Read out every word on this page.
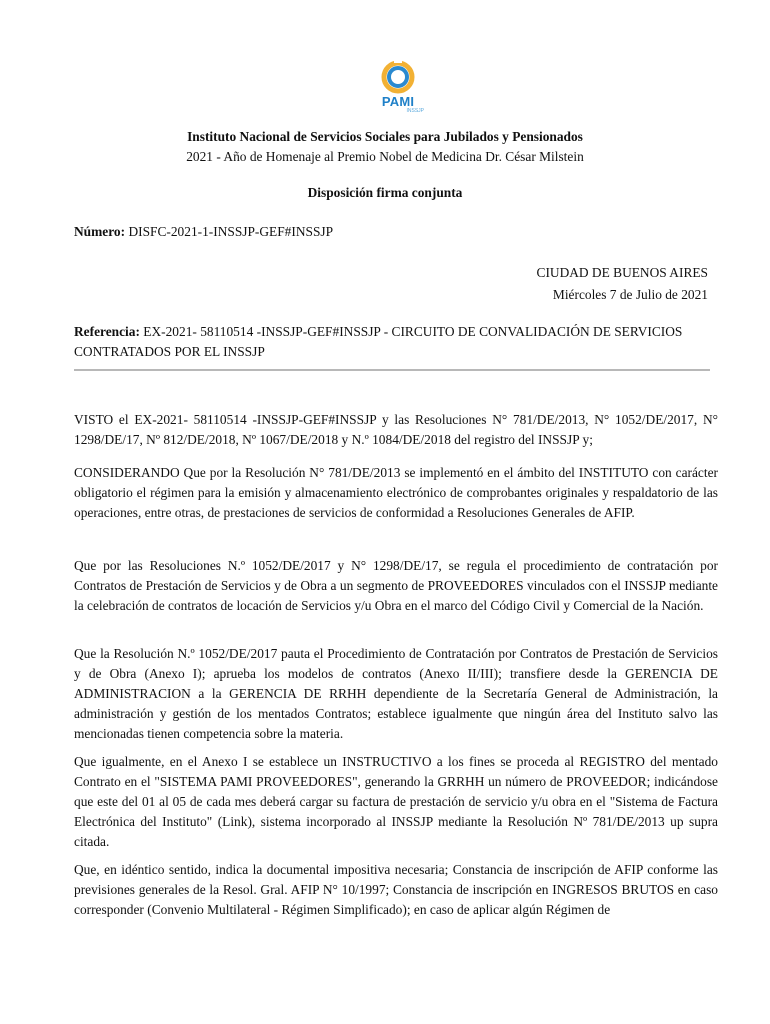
PAMI
INSSJP
Instituto Nacional de Servicios Sociales para Jubilados y Pensionados
2021 - Año de Homenaje al Premio Nobel de Medicina Dr. César Milstein
Disposición firma conjunta
Número: DISFC-2021-1-INSSJP-GEF#INSSJP
CIUDAD DE BUENOS AIRES
Miércoles 7 de Julio de 2021
Referencia: EX-2021- 58110514 -INSSJP-GEF#INSSJP - CIRCUITO DE CONVALIDACIÓN DE SERVICIOS
CONTRATADOS POR EL INSSJP
VISTO el EX-2021- 58110514 -INSSJP-GEF#INSSJP y las Resoluciones N° 781/DE/2013, N° 1052/DE/2017, N° 1298/DE/17, Nº 812/DE/2018, Nº 1067/DE/2018 y N.º 1084/DE/2018 del registro del INSSJP y;
CONSIDERANDO Que por la Resolución N° 781/DE/2013 se implementó en el ámbito del INSTITUTO con carácter obligatorio el régimen para la emisión y almacenamiento electrónico de comprobantes originales y respaldatorio de las operaciones, entre otras, de prestaciones de servicios de conformidad a Resoluciones Generales de AFIP.
Que por las Resoluciones N.º 1052/DE/2017 y N° 1298/DE/17, se regula el procedimiento de contratación por Contratos de Prestación de Servicios y de Obra a un segmento de PROVEEDORES vinculados con el INSSJP mediante la celebración de contratos de locación de Servicios y/u Obra en el marco del Código Civil y Comercial de la Nación.
Que la Resolución N.º 1052/DE/2017 pauta el Procedimiento de Contratación por Contratos de Prestación de Servicios y de Obra (Anexo I); aprueba los modelos de contratos (Anexo II/III); transfiere desde la GERENCIA DE ADMINISTRACION a la GERENCIA DE RRHH dependiente de la Secretaría General de Administración, la administración y gestión de los mentados Contratos; establece igualmente que ningún área del Instituto salvo las mencionadas tienen competencia sobre la materia.
Que igualmente, en el Anexo I se establece un INSTRUCTIVO a los fines se proceda al REGISTRO del mentado Contrato en el "SISTEMA PAMI PROVEEDORES", generando la GRRHH un número de PROVEEDOR; indicándose que este del 01 al 05 de cada mes deberá cargar su factura de prestación de servicio y/u obra en el "Sistema de Factura Electrónica del Instituto" (Link), sistema incorporado al INSSJP mediante la Resolución Nº 781/DE/2013 up supra citada.
Que, en idéntico sentido, indica la documental impositiva necesaria; Constancia de inscripción de AFIP conforme las previsiones generales de la Resol. Gral. AFIP N° 10/1997; Constancia de inscripción en INGRESOS BRUTOS en caso corresponder (Convenio Multilateral - Régimen Simplificado); en caso de aplicar algún Régimen de
